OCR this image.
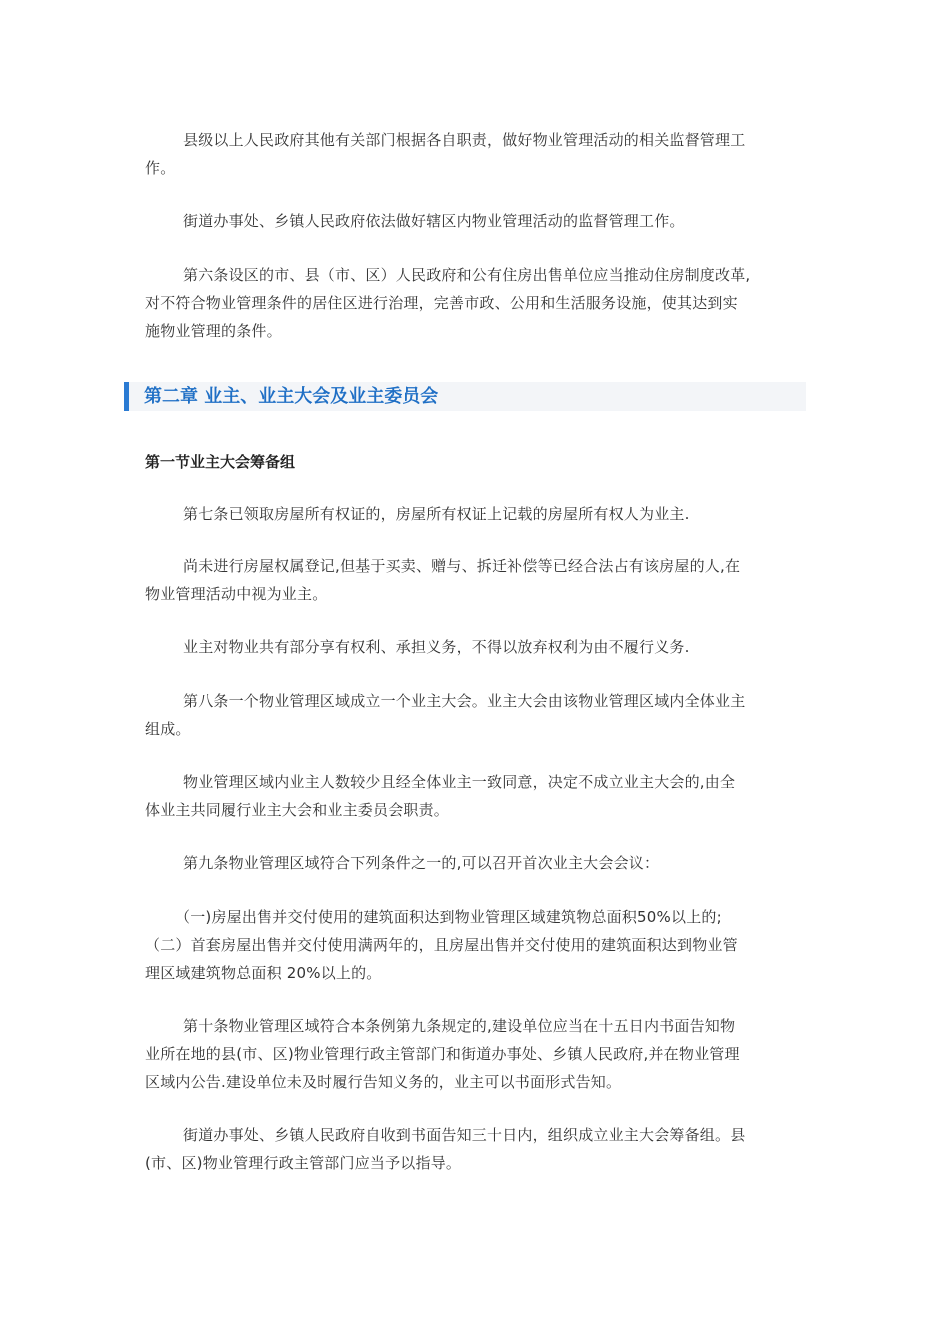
县级以上人民政府其他有关部门根据各自职责，做好物业管理活动的相关监督管理工
作。

街道办事处、乡镇人民政府依法做好辖区内物业管理活动的监督管理工作。

第六条设区的市、县（市、区）人民政府和公有住房出售单位应当推动住房制度改革,
对不符合物业管理条件的居住区进行治理，完善市政、公用和生活服务设施，使其达到实
施物业管理的条件。

第二章 业主、业主大会及业主委员会
第一节业主大会筹备组

第七条已领取房屋所有权证的，房屋所有权证上记载的房屋所有权人为业主.

尚未进行房屋权属登记,但基于买卖、赠与、拆迁补偿等已经合法占有该房屋的人,在
物业管理活动中视为业主。

业主对物业共有部分享有权利、承担义务，不得以放弃权利为由不履行义务.

第八条一个物业管理区域成立一个业主大会。业主大会由该物业管理区域内全体业主
组成。

物业管理区域内业主人数较少且经全体业主一致同意，决定不成立业主大会的,由全
体业主共同履行业主大会和业主委员会职责。

第九条物业管理区域符合下列条件之一的,可以召开首次业主大会会议：

（一)房屋出售并交付使用的建筑面积达到物业管理区域建筑物总面积50%以上的;
（二）首套房屋出售并交付使用满两年的，且房屋出售并交付使用的建筑面积达到物业管
理区域建筑物总面积 20%以上的。

第十条物业管理区域符合本条例第九条规定的,建设单位应当在十五日内书面告知物
业所在地的县(市、区)物业管理行政主管部门和街道办事处、乡镇人民政府,并在物业管理
区域内公告.建设单位未及时履行告知义务的，业主可以书面形式告知。

街道办事处、乡镇人民政府自收到书面告知三十日内，组织成立业主大会筹备组。县
(市、区)物业管理行政主管部门应当予以指导。
